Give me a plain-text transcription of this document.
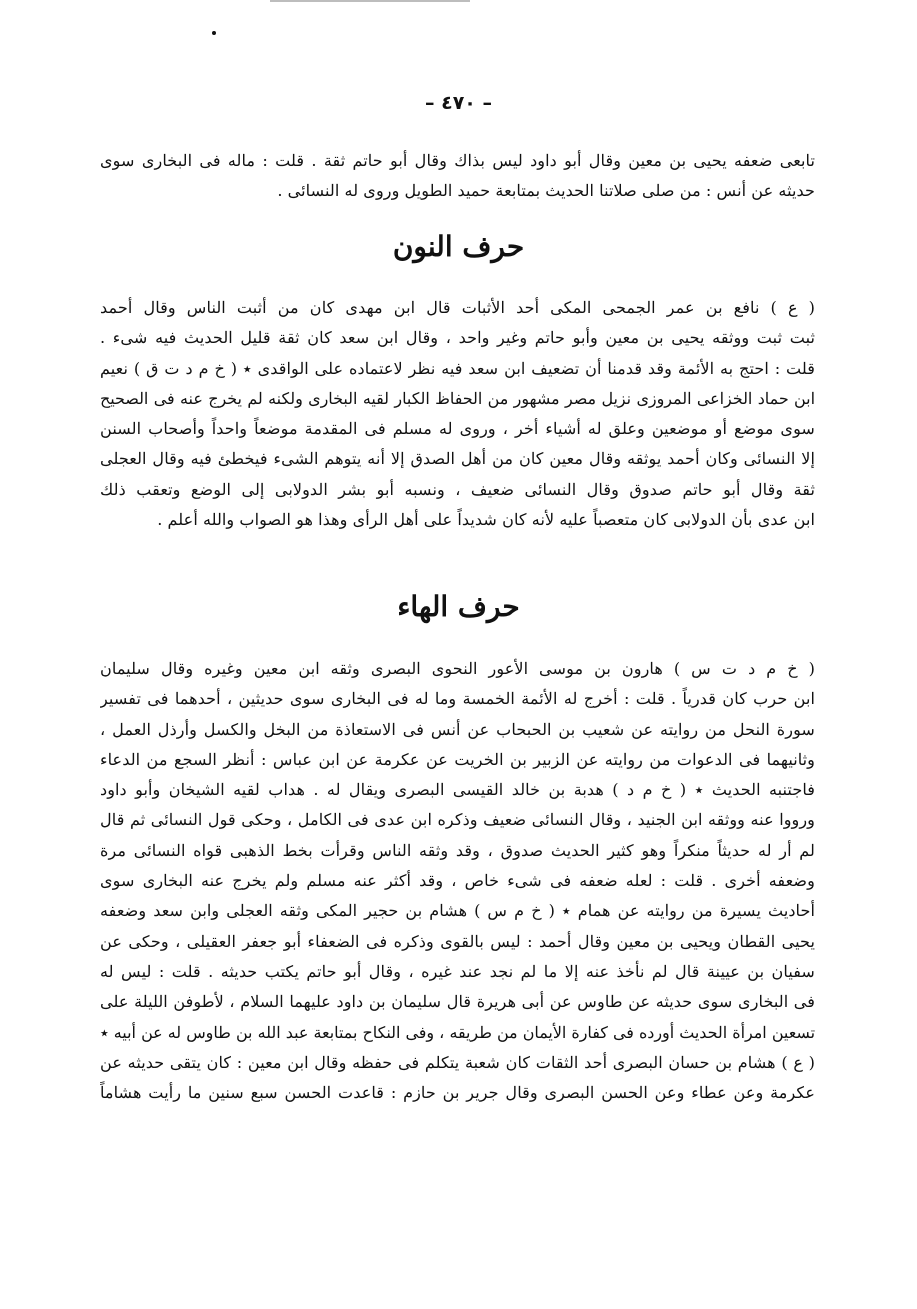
– ٤٧٠ –
تابعى ضعفه يحيى بن معين وقال أبو داود ليس بذاك وقال أبو حاتم ثقة . قلت : ماله فى البخارى سوى
حديثه عن أنس : من صلى صلاتنا الحديث بمتابعة حميد الطويل وروى له النسائى .
حرف النون
( ع ) نافع بن عمر الجمحى المكى أحد الأثبات قال ابن مهدى كان من أثبت الناس وقال أحمد
ثبت ثبت ووثقه يحيى بن معين وأبو حاتم وغير واحد ، وقال ابن سعد كان ثقة قليل الحديث فيه شىء .
قلت : احتج به الأئمة وقد قدمنا أن تضعيف ابن سعد فيه نظر لاعتماده على الواقدى ٭ ( خ م د ت ق ) نعيم
ابن حماد الخزاعى المروزى نزيل مصر مشهور من الحفاظ الكبار لقيه البخارى ولكنه لم يخرج عنه فى الصحيح
سوى موضع أو موضعين وعلق له أشياء أخر ، وروى له مسلم فى المقدمة موضعاً واحداً وأصحاب السنن
إلا النسائى وكان أحمد يوثقه وقال معين كان من أهل الصدق إلا أنه يتوهم الشىء فيخطئ فيه وقال العجلى
ثقة وقال أبو حاتم صدوق وقال النسائى ضعيف ، ونسبه أبو بشر الدولابى إلى الوضع وتعقب ذلك
ابن عدى بأن الدولابى كان متعصباً عليه لأنه كان شديداً على أهل الرأى وهذا هو الصواب والله أعلم .
حرف الهاء
( خ م د ت س ) هارون بن موسى الأعور النحوى البصرى وثقه ابن معين وغيره وقال سليمان
ابن حرب كان قدرياً . قلت : أخرج له الأئمة الخمسة وما له فى البخارى سوى حديثين ، أحدهما فى تفسير
سورة النحل من روايته عن شعيب بن الحبحاب عن أنس فى الاستعاذة من البخل والكسل وأرذل العمل ،
وثانيهما فى الدعوات من روايته عن الزبير بن الخريت عن عكرمة عن ابن عباس : أنظر السجع من الدعاء
فاجتنبه الحديث ٭ ( خ م د ) هدبة بن خالد القيسى البصرى ويقال له . هداب لقيه الشيخان وأبو داود
ورووا عنه ووثقه ابن الجنيد ، وقال النسائى ضعيف وذكره ابن عدى فى الكامل ، وحكى قول النسائى ثم قال
لم أر له حديثاً منكراً وهو كثير الحديث صدوق ، وقد وثقه الناس وقرأت بخط الذهبى قواه النسائى مرة
وضعفه أخرى . قلت : لعله ضعفه فى شىء خاص ، وقد أكثر عنه مسلم ولم يخرج عنه البخارى سوى
أحاديث يسيرة من روايته عن همام ٭ ( خ م س ) هشام بن حجير المكى وثقه العجلى وابن سعد وضعفه
يحيى القطان ويحيى بن معين وقال أحمد : ليس بالقوى وذكره فى الضعفاء أبو جعفر العقيلى ، وحكى عن
سفيان بن عيينة قال لم نأخذ عنه إلا ما لم نجد عند غيره ، وقال أبو حاتم يكتب حديثه . قلت : ليس له
فى البخارى سوى حديثه عن طاوس عن أبى هريرة قال سليمان بن داود عليهما السلام ، لأطوفن الليلة على
تسعين امرأة الحديث أورده فى كفارة الأيمان من طريقه ، وفى النكاح بمتابعة عبد الله بن طاوس له عن أبيه ٭
( ع ) هشام بن حسان البصرى أحد الثقات كان شعبة يتكلم فى حفظه وقال ابن معين : كان يتقى حديثه عن
عكرمة وعن عطاء وعن الحسن البصرى وقال جرير بن حازم : قاعدت الحسن سبع سنين ما رأيت هشاماً
